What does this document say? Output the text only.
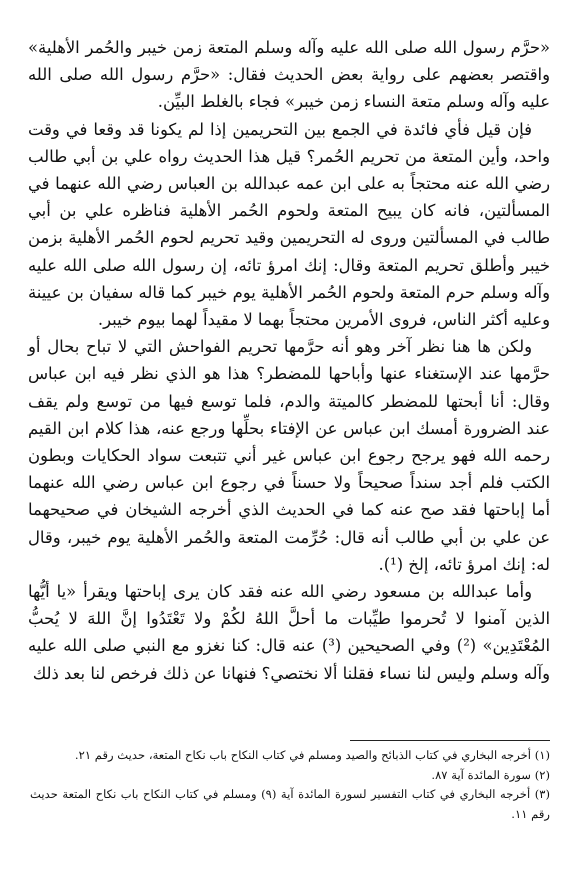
«حرَّم رسول الله صلى الله عليه وآله وسلم المتعة زمن خيبر والحُمر الأهلية» واقتصر بعضهم على رواية بعض الحديث فقال: «حرَّم رسول الله صلى الله عليه وآله وسلم متعة النساء زمن خيبر» فجاء بالغلط البيِّن.

فإن قيل فأي فائدة في الجمع بين التحريمين إذا لم يكونا قد وقعا في وقت واحد، وأين المتعة من تحريم الحُمر؟ قيل هذا الحديث رواه علي بن أبي طالب رضي الله عنه محتجاً به على ابن عمه عبدالله بن العباس رضي الله عنهما في المسألتين، فانه كان يبيح المتعة ولحوم الحُمر الأهلية فناظره علي بن أبي طالب في المسألتين وروى له التحريمين وقيد تحريم لحوم الحُمر الأهلية بزمن خيبر وأطلق تحريم المتعة وقال: إنك امرؤ تائه، إن رسول الله صلى الله عليه وآله وسلم حرم المتعة ولحوم الحُمر الأهلية يوم خيبر كما قاله سفيان بن عيينة وعليه أكثر الناس، فروى الأمرين محتجاً بهما لا مقيداً لهما بيوم خيبر.

ولكن ها هنا نظر آخر وهو أنه حرَّمها تحريم الفواحش التي لا تباح بحال أو حرَّمها عند الإستغناء عنها وأباحها للمضطر؟ هذا هو الذي نظر فيه ابن عباس وقال: أنا أبحتها للمضطر كالميتة والدم، فلما توسع فيها من توسع ولم يقف عند الضرورة أمسك ابن عباس عن الإفتاء بحلِّها ورجع عنه، هذا كلام ابن القيم رحمه الله فهو يرجح رجوع ابن عباس غير أني تتبعت سواد الحكايات وبطون الكتب فلم أجد سنداً صحيحاً ولا حسناً في رجوع ابن عباس رضي الله عنهما أما إباحتها فقد صح عنه كما في الحديث الذي أخرجه الشيخان في صحيحهما عن علي بن أبي طالب أنه قال: حُرِّمت المتعة والحُمر الأهلية يوم خيبر، وقال له: إنك امرؤ تائه، إلخ (¹).

وأما عبدالله بن مسعود رضي الله عنه فقد كان يرى إباحتها ويقرأ «يا أيُّها الذين آمنوا لا تُحرموا طيِّبات ما أحلَّ اللهُ لكُمْ ولا تَعْتَدُوا إنَّ اللهَ لا يُحبُّ المُعْتَدِين» (²) وفي الصحيحين (³) عنه قال: كنا نغزو مع النبي صلى الله عليه وآله وسلم وليس لنا نساء فقلنا ألا نختصي؟ فنهانا عن ذلك فرخص لنا بعد ذلك

(١) أخرجه البخاري في كتاب الذبائح والصيد ومسلم في كتاب النكاح باب نكاح المتعة، حديث رقم ٢١.

(٢) سورة المائدة آية ٨٧.

(٣) أخرجه البخاري في كتاب التفسير لسورة المائدة آية (٩) ومسلم في كتاب النكاح باب نكاح المتعة حديث رقم ١١.
